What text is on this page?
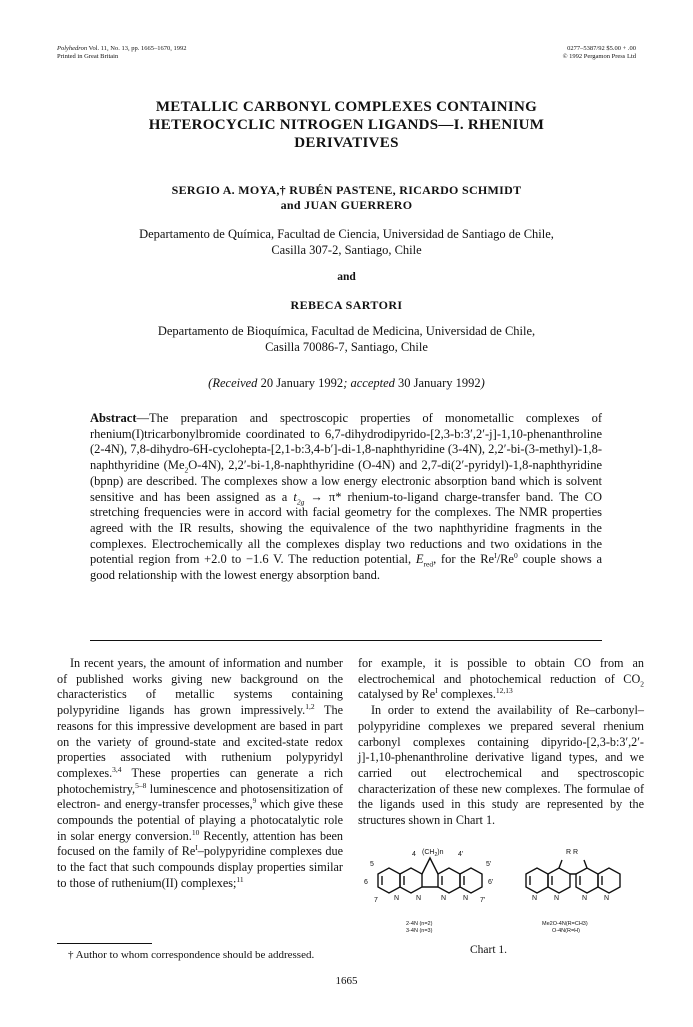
Polyhedron Vol. 11, No. 13, pp. 1665–1670, 1992
Printed in Great Britain
0277–5387/92 $5.00 + .00
© 1992 Pergamon Press Ltd
METALLIC CARBONYL COMPLEXES CONTAINING
HETEROCYCLIC NITROGEN LIGANDS—I. RHENIUM
DERIVATIVES
SERGIO A. MOYA,† RUBÉN PASTENE, RICARDO SCHMIDT
and JUAN GUERRERO
Departamento de Química, Facultad de Ciencia, Universidad de Santiago de Chile,
Casilla 307-2, Santiago, Chile
and
REBECA SARTORI
Departamento de Bioquímica, Facultad de Medicina, Universidad de Chile,
Casilla 70086-7, Santiago, Chile
(Received 20 January 1992; accepted 30 January 1992)
Abstract—The preparation and spectroscopic properties of monometallic complexes of rhenium(I)tricarbonylbromide coordinated to 6,7-dihydrodipyrido-[2,3-b:3′,2′-j]-1,10-phenanthroline (2-4N), 7,8-dihydro-6H-cyclohepta-[2,1-b:3,4-b′]-di-1,8-naphthyridine (3-4N), 2,2′-bi-(3-methyl)-1,8-naphthyridine $(Me_2O-4N)$, 2,2′-bi-1,8-naphthyridine (O-4N) and 2,7-di(2′-pyridyl)-1,8-naphthyridine (bpnp) are described. The complexes show a low energy electronic absorption band which is solvent sensitive and has been assigned as a $t_{2g} \to \pi*$ rhenium-to-ligand charge-transfer band. The CO stretching frequencies were in accord with facial geometry for the complexes. The NMR properties agreed with the IR results, showing the equivalence of the two naphthyridine fragments in the complexes. Electrochemically all the complexes display two reductions and two oxidations in the potential region from +2.0 to −1.6 V. The reduction potential, $E_{red}$, for the $Re^I/Re^0$ couple shows a good relationship with the lowest energy absorption band.

In recent years, the amount of information and number of published works giving new background on the characteristics of metallic systems containing polypyridine ligands has grown impressively.$^{1,2}$ The reasons for this impressive development are based in part on the variety of ground-state and excited-state redox properties associated with ruthenium polypyridyl complexes.$^{3,4}$ These properties can generate a rich photochemistry,$^{5-8}$ luminescence and photosensitization of electron- and energy-transfer processes,$^9$ which give these compounds the potential of playing a photocatalytic role in solar energy conversion.$^{10}$ Recently, attention has been focused on the family of $Re^I$–polypyridine complexes due to the fact that such compounds display properties similar to those of ruthenium(II) complexes;$^{11}$

for example, it is possible to obtain CO from an electrochemical and photochemical reduction of $CO_2$ catalysed by $Re^I$ complexes.$^{12,13}$

In order to extend the availability of Re–carbonyl–polypyridine complexes we prepared several rhenium carbonyl complexes containing dipyrido-[2,3-b:3′,2′-j]-1,10-phenanthroline derivative ligand types, and we carried out electrochemical and spectroscopic characterization of these new complexes. The formulae of the ligands used in this study are represented by the structures shown in Chart 1.

$(CH_2)n$
4	4'
5	5'
6	6'
7	7'
N N	N N
R R
N N	N N
2-4N (n=2)
3-4N (n=3)
Me2O-4N(R=CH3)
O-4N(R=H)
† Author to whom correspondence should be addressed.	Chart 1.
1665
